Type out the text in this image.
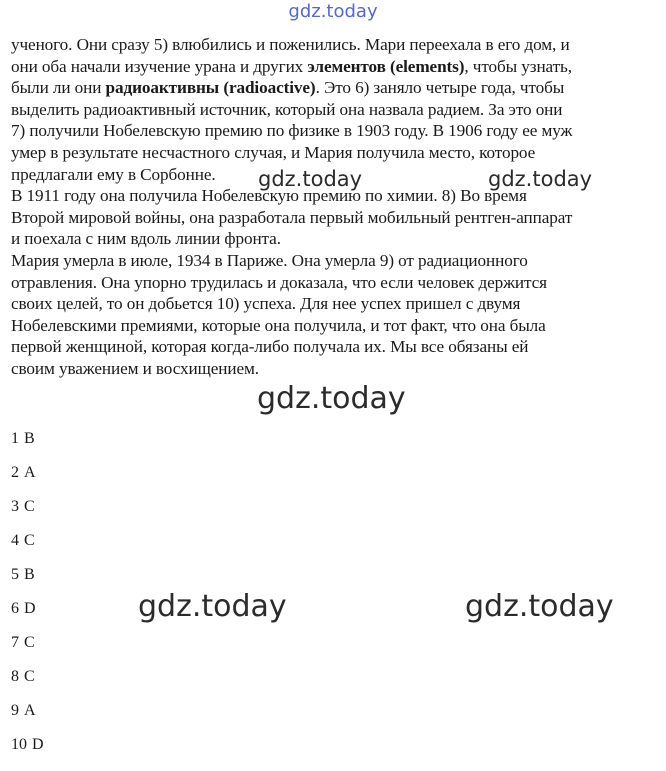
gdz.today
ученого. Они сразу 5) влюбились и поженились. Мари переехала в его дом, и
они оба начали изучение урана и других элементов (elements), чтобы узнать,
были ли они радиоактивны (radioactive). Это 6) заняло четыре года, чтобы
выделить радиоактивный источник, который она назвала радием. За это они
7) получили Нобелевскую премию по физике в 1903 году. В 1906 году ее муж
умер в результате несчастного случая, и Мария получила место, которое
предлагали ему в Сорбонне.
В 1911 году она получила Нобелевскую премию по химии. 8) Во время
Второй мировой войны, она разработала первый мобильный рентген-аппарат
и поехала с ним вдоль линии фронта.
Мария умерла в июле, 1934 в Париже. Она умерла 9) от радиационного
отравления. Она упорно трудилась и доказала, что если человек держится
своих целей, то он добьется 10) успеха. Для нее успех пришел с двумя
Нобелевскими премиями, которые она получила, и тот факт, что она была
первой женщиной, которая когда-либо получала их. Мы все обязаны ей
своим уважением и восхищением.
gdz.today	gdz.today
gdz.today
1 B
2 A
3 C
4 C
5 B
6 D
7 C
8 C
9 A
10 D
gdz.today	gdz.today
